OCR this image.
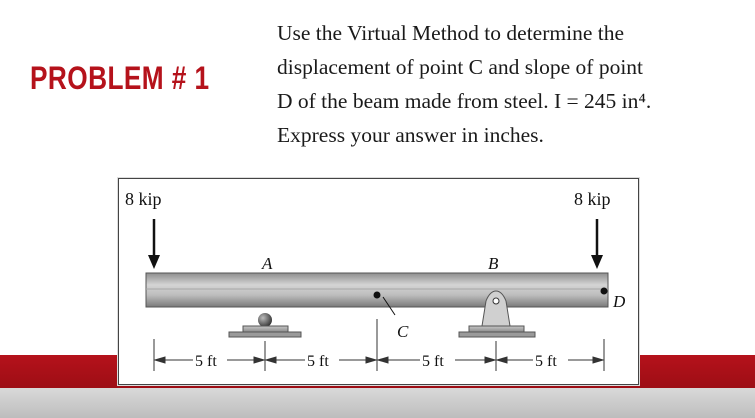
PROBLEM # 1
Use the Virtual Method to determine the
displacement of point C and slope of point
D of the beam made from steel. I = 245 in⁴.
Express your answer in inches.
8 kip	8 kip
A	B
C
D
5 ft	5 ft	5 ft	5 ft
